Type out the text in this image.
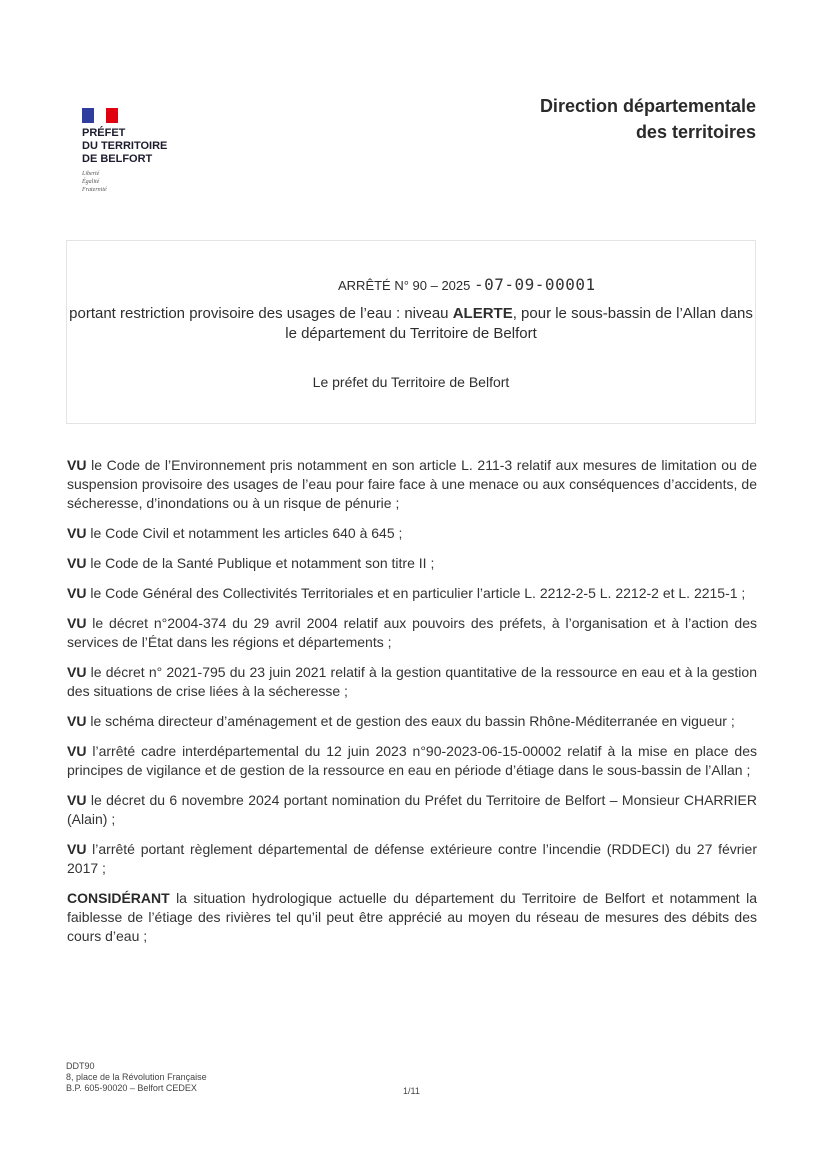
PRÉFET
DU TERRITOIRE
DE BELFORT
Liberté
Égalité
Fraternité
Direction départementale
des territoires
ARRÊTÉ N° 90 – 2025 -07-09-00001
portant restriction provisoire des usages de l’eau : niveau ALERTE, pour le sous-bassin de l’Allan dans le département du Territoire de Belfort
Le préfet du Territoire de Belfort

VU le Code de l’Environnement pris notamment en son article L. 211-3 relatif aux mesures de limitation ou de suspension provisoire des usages de l’eau pour faire face à une menace ou aux conséquences d’accidents, de sécheresse, d’inondations ou à un risque de pénurie ;

VU le Code Civil et notamment les articles 640 à 645 ;

VU le Code de la Santé Publique et notamment son titre II ;

VU le Code Général des Collectivités Territoriales et en particulier l’article L. 2212-2-5 L. 2212-2 et L. 2215-1 ;

VU le décret n°2004-374 du 29 avril 2004 relatif aux pouvoirs des préfets, à l’organisation et à l’action des services de l’État dans les régions et départements ;

VU le décret n° 2021-795 du 23 juin 2021 relatif à la gestion quantitative de la ressource en eau et à la gestion des situations de crise liées à la sécheresse ;

VU le schéma directeur d’aménagement et de gestion des eaux du bassin Rhône-Méditerranée en vigueur ;

VU l’arrêté cadre interdépartemental du 12 juin 2023 n°90-2023-06-15-00002 relatif à la mise en place des principes de vigilance et de gestion de la ressource en eau en période d’étiage dans le sous-bassin de l’Allan ;

VU le décret du 6 novembre 2024 portant nomination du Préfet du Territoire de Belfort – Monsieur CHARRIER (Alain) ;

VU l’arrêté portant règlement départemental de défense extérieure contre l’incendie (RDDECI) du 27 février 2017 ;

CONSIDÉRANT la situation hydrologique actuelle du département du Territoire de Belfort et notamment la faiblesse de l’étiage des rivières tel qu’il peut être apprécié au moyen du réseau de mesures des débits des cours d’eau ;

DDT90
8, place de la Révolution Française
B.P. 605-90020 – Belfort CEDEX	1/11
